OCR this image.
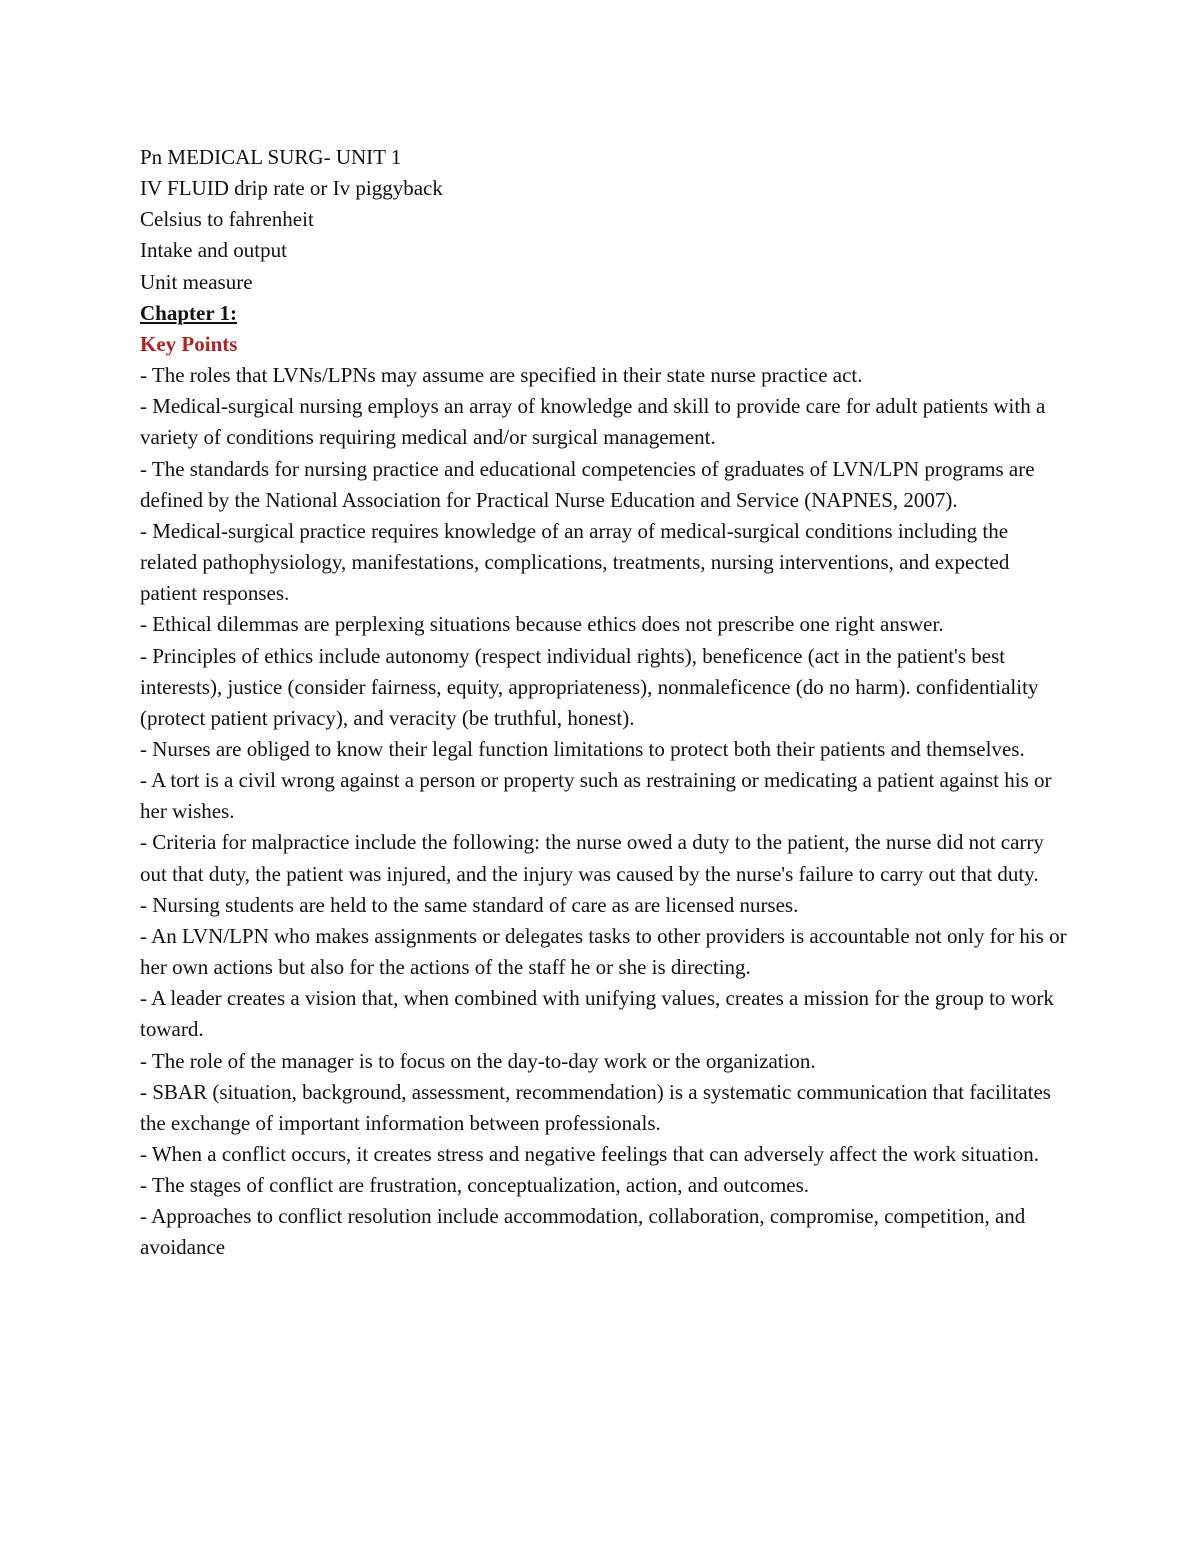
Pn MEDICAL SURG- UNIT 1
IV FLUID drip rate or Iv piggyback
Celsius to fahrenheit
Intake and output
Unit measure
Chapter 1:
Key Points
- The roles that LVNs/LPNs may assume are specified in their state nurse practice act.
- Medical-surgical nursing employs an array of knowledge and skill to provide care for adult patients with a variety of conditions requiring medical and/or surgical management.
- The standards for nursing practice and educational competencies of graduates of LVN/LPN programs are defined by the National Association for Practical Nurse Education and Service (NAPNES, 2007).
- Medical-surgical practice requires knowledge of an array of medical-surgical conditions including the related pathophysiology, manifestations, complications, treatments, nursing interventions, and expected patient responses.
- Ethical dilemmas are perplexing situations because ethics does not prescribe one right answer.
- Principles of ethics include autonomy (respect individual rights), beneficence (act in the patient's best interests), justice (consider fairness, equity, appropriateness), nonmaleficence (do no harm). confidentiality (protect patient privacy), and veracity (be truthful, honest).
- Nurses are obliged to know their legal function limitations to protect both their patients and themselves.
- A tort is a civil wrong against a person or property such as restraining or medicating a patient against his or her wishes.
- Criteria for malpractice include the following: the nurse owed a duty to the patient, the nurse did not carry out that duty, the patient was injured, and the injury was caused by the nurse's failure to carry out that duty.
- Nursing students are held to the same standard of care as are licensed nurses.
- An LVN/LPN who makes assignments or delegates tasks to other providers is accountable not only for his or her own actions but also for the actions of the staff he or she is directing.
- A leader creates a vision that, when combined with unifying values, creates a mission for the group to work toward.
- The role of the manager is to focus on the day-to-day work or the organization.
- SBAR (situation, background, assessment, recommendation) is a systematic communication that facilitates the exchange of important information between professionals.
- When a conflict occurs, it creates stress and negative feelings that can adversely affect the work situation.
- The stages of conflict are frustration, conceptualization, action, and outcomes.
- Approaches to conflict resolution include accommodation, collaboration, compromise, competition, and avoidance
